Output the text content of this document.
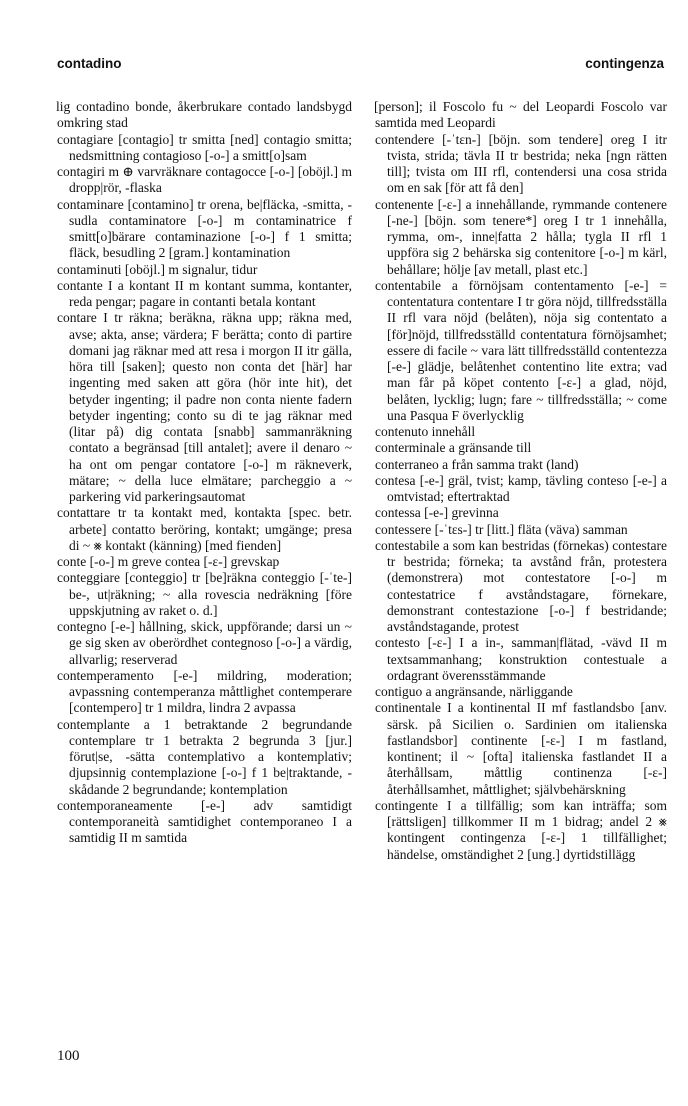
contadino	contingenza
lig contadino bonde, åkerbrukare contado landsbygd omkring stad
contagiare [contagio] tr smitta [ned] contagio smitta; nedsmittning contagioso [-o-] a smitt[o]sam
contagiri m ⊕ varvräknare contagocce [-o-] [oböjl.] m dropp|rör, -flaska
contaminare [contamino] tr orena, be|fläcka, -smitta, -sudla contaminatore [-o-] m contaminatrice f smitt[o]bärare contaminazione [-o-] f 1 smitta; fläck, besudling 2 [gram.] kontamination
contaminuti [oböjl.] m signalur, tidur
contante I a kontant II m kontant summa, kontanter, reda pengar; pagare in contanti betala kontant
contare I tr räkna; beräkna, räkna upp; räkna med, avse; akta, anse; värdera; F berätta; conto di partire domani jag räknar med att resa i morgon II itr gälla, höra till [saken]; questo non conta det [här] har ingenting med saken att göra (hör inte hit), det betyder ingenting; il padre non conta niente fadern betyder ingenting; conto su di te jag räknar med (litar på) dig contata [snabb] sammanräkning contato a begränsad [till antalet]; avere il denaro ~ ha ont om pengar contatore [-o-] m räkneverk, mätare; ~ della luce elmätare; parcheggio a ~ parkering vid parkeringsautomat
contattare tr ta kontakt med, kontakta [spec. betr. arbete] contatto beröring, kontakt; umgänge; presa di ~ ⨳ kontakt (känning) [med fienden]
conte [-o-] m greve contea [-ɛ-] grevskap
conteggiare [conteggio] tr [be]räkna conteggio [-ˈte-] be-, ut|räkning; ~ alla rovescia nedräkning [före uppskjutning av raket o. d.]
contegno [-e-] hållning, skick, uppförande; darsi un ~ ge sig sken av oberördhet contegnoso [-o-] a värdig, allvarlig; reserverad
contemperamento [-e-] mildring, moderation; avpassning contemperanza måttlighet contemperare [contempero] tr 1 mildra, lindra 2 avpassa
contemplante a 1 betraktande 2 begrundande contemplare tr 1 betrakta 2 begrunda 3 [jur.] förut|se, -sätta contemplativo a kontemplativ; djupsinnig contemplazione [-o-] f 1 be|traktande, -skådande 2 begrundande; kontemplation
contemporaneamente [-e-] adv samtidigt contemporaneità samtidighet contemporaneo I a samtidig II m samtida
[person]; il Foscolo fu ~ del Leopardi Foscolo var samtida med Leopardi
contendere [-ˈtɛn-] [böjn. som tendere] oreg I itr tvista, strida; tävla II tr bestrida; neka [ngn rätten till]; tvista om III rfl, contendersi una cosa strida om en sak [för att få den]
contenente [-ɛ-] a innehållande, rymmande contenere [-ne-] [böjn. som tenere*] oreg I tr 1 innehålla, rymma, om-, inne|fatta 2 hålla; tygla II rfl 1 uppföra sig 2 behärska sig contenitore [-o-] m kärl, behållare; hölje [av metall, plast etc.]
contentabile a förnöjsam contentamento [-e-] = contentatura contentare I tr göra nöjd, tillfredsställa II rfl vara nöjd (belåten), nöja sig contentato a [för]nöjd, tillfredsställd contentatura förnöjsamhet; essere di facile ~ vara lätt tillfredsställd contentezza [-e-] glädje, belåtenhet contentino lite extra; vad man får på köpet contento [-ɛ-] a glad, nöjd, belåten, lycklig; lugn; fare ~ tillfredsställa; ~ come una Pasqua F överlycklig
contenuto innehåll
conterminale a gränsande till
conterraneo a från samma trakt (land)
contesa [-e-] gräl, tvist; kamp, tävling conteso [-e-] a omtvistad; eftertraktad
contessa [-e-] grevinna
contessere [-ˈtɛs-] tr [litt.] fläta (väva) samman
contestabile a som kan bestridas (förnekas) contestare tr bestrida; förneka; ta avstånd från, protestera (demonstrera) mot contestatore [-o-] m contestatrice f avståndstagare, förnekare, demonstrant contestazione [-o-] f bestridande; avståndstagande, protest
contesto [-ɛ-] I a in-, samman|flätad, -vävd II m textsammanhang; konstruktion contestuale a ordagrant överensstämmande
contiguo a angränsande, närliggande
continentale I a kontinental II mf fastlandsbo [anv. särsk. på Sicilien o. Sardinien om italienska fastlandsbor] continente [-ɛ-] I m fastland, kontinent; il ~ [ofta] italienska fastlandet II a återhållsam, måttlig continenza [-ɛ-] återhållsamhet, måttlighet; självbehärskning
contingente I a tillfällig; som kan inträffa; som [rättsligen] tillkommer II m 1 bidrag; andel 2 ⨳ kontingent contingenza [-ɛ-] 1 tillfällighet; händelse, omständighet 2 [ung.] dyrtidstillägg
100
